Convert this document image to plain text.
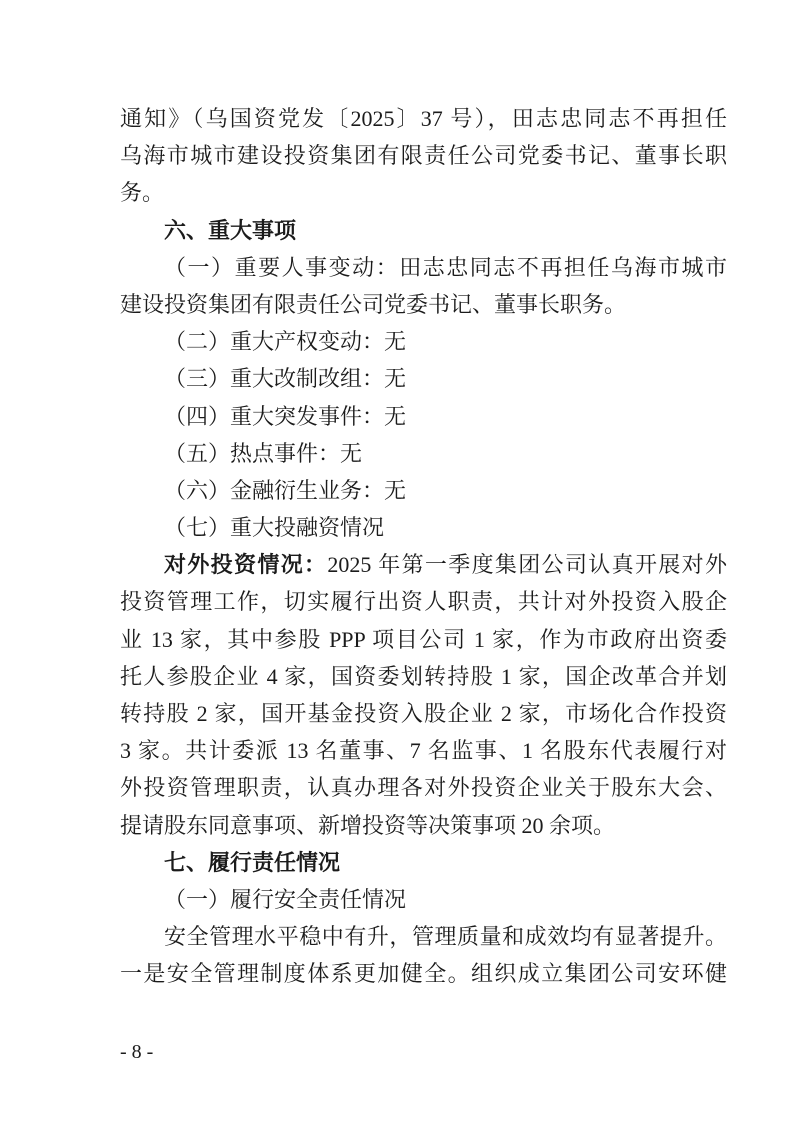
通知》（乌国资党发〔2025〕37 号），田志忠同志不再担任
乌海市城市建设投资集团有限责任公司党委书记、董事长职
务。
六、重大事项
（一）重要人事变动：田志忠同志不再担任乌海市城市
建设投资集团有限责任公司党委书记、董事长职务。
（二）重大产权变动：无
（三）重大改制改组：无
（四）重大突发事件：无
（五）热点事件：无
（六）金融衍生业务：无
（七）重大投融资情况
对外投资情况：2025 年第一季度集团公司认真开展对外
投资管理工作，切实履行出资人职责，共计对外投资入股企
业 13 家，其中参股 PPP 项目公司 1 家，作为市政府出资委
托人参股企业 4 家，国资委划转持股 1 家，国企改革合并划
转持股 2 家，国开基金投资入股企业 2 家，市场化合作投资
3 家。共计委派 13 名董事、7 名监事、1 名股东代表履行对
外投资管理职责，认真办理各对外投资企业关于股东大会、
提请股东同意事项、新增投资等决策事项 20 余项。
七、履行责任情况
（一）履行安全责任情况
安全管理水平稳中有升，管理质量和成效均有显著提升。
一是安全管理制度体系更加健全。组织成立集团公司安环健
- 8 -
